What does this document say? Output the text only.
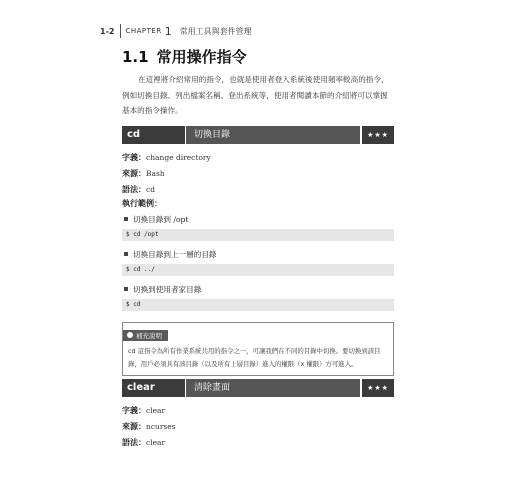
1-2 CHAPTER 1 常用工具與套件管理
1.1 常用操作指令

在這裡將介紹常用的指令，也就是使用者登入系統後使用頻率較高的指令，例如切換目錄、列出檔案名稱、登出系統等，使用者閱讀本節的介紹將可以掌握基本的指令操作。

cd	切換目錄	★★★
字義：change directory
來源：Bash
語法：cd
執行範例：
切換目錄到 /opt
$ cd /opt
切換目錄到上一層的目錄
$ cd ../
切換到使用者家目錄
$ cd
補充說明
cd 這指令為所有作業系統共用的指令之一，可讓我們在不同的目錄中切換。要切換到該目錄，用戶必須具有該目錄（以及所有上層目錄）進入的權限（x 權限）方可進入。
clear	清除畫面	★★★
字義：clear
來源：ncurses
語法：clear
